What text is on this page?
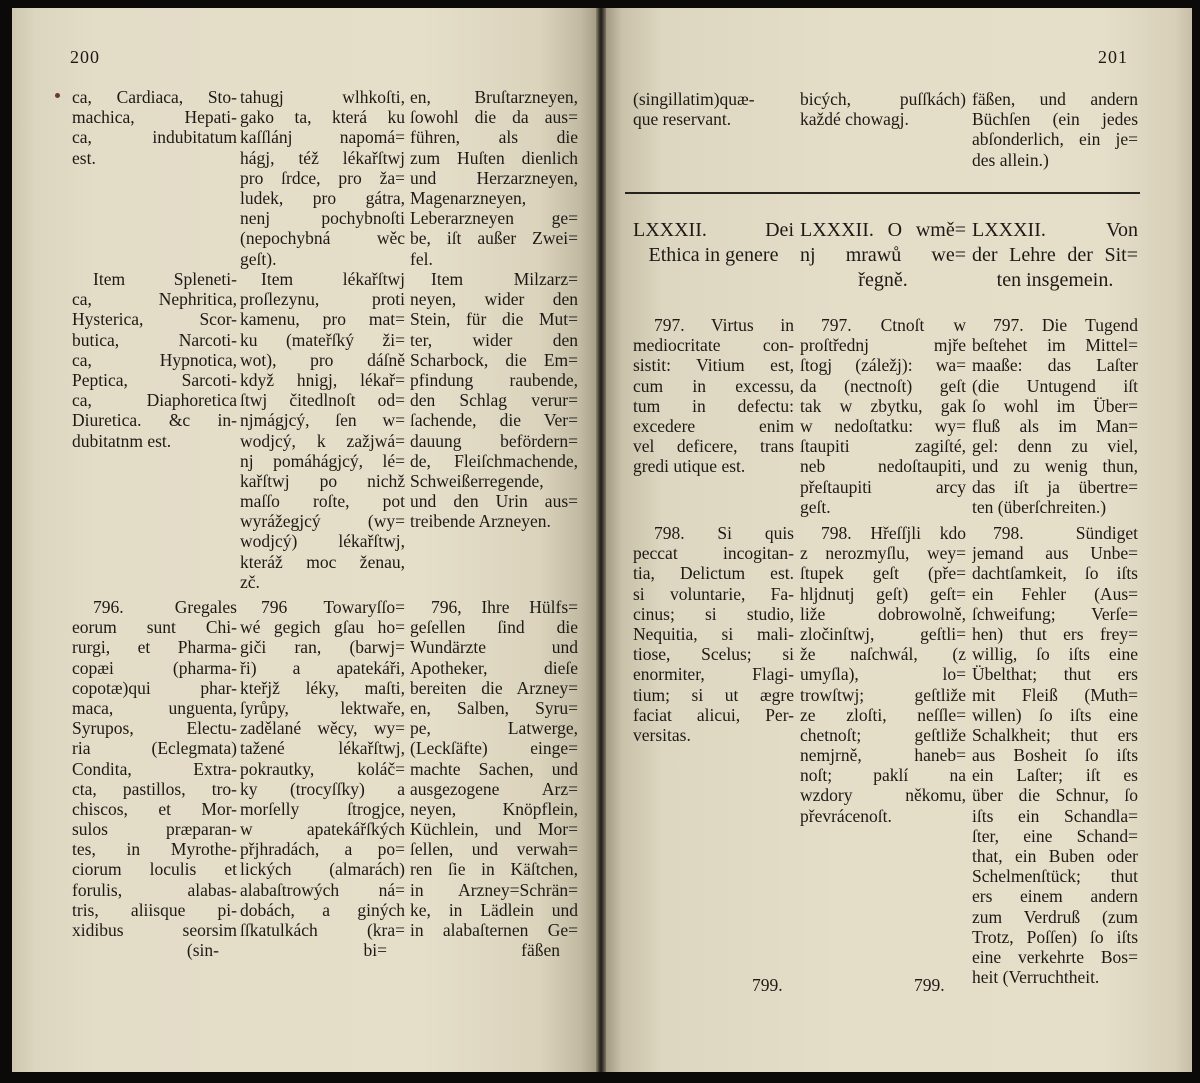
200
ca, Cardiaca, Sto-
machica, Hepati-
ca, indubitatum
est.
tahugj wlhkoſti,
gako ta, která ku
kaſſlánj napomá=
hágj, též lékařſtwj
pro ſrdce, pro ža=
ludek, pro gátra,
nenj pochybnoſti
(nepochybná wěc
geſt).
en, Bruſtarzneyen,
ſowohl die da aus=
führen, als die
zum Huſten dienlich
und Herzarzneyen,
Magenarzneyen,
Leberarzneyen ge=
be, iſt außer Zwei=
fel.
Item Spleneti-
ca, Nephritica,
Hysterica, Scor-
butica, Narcoti-
ca, Hypnotica,
Peptica, Sarcoti-
ca, Diaphoretica
Diuretica. &c in-
dubitatnm est.
Item lékařſtwj
proſlezynu, proti
kamenu, pro mat=
ku (mateřſký ži=
wot), pro dáſně
když hnigj, lékař=
ſtwj čitedlnoſt od=
njmágjcý, ſen w=
wodjcý, k zažjwá=
nj pomáhágjcý, lé=
kařſtwj po nichž
maſſo roſte, pot
wyrážegjcý (wy=
wodjcý) lékařſtwj,
kteráž moc ženau,
zč.
Item Milzarz=
neyen, wider den
Stein, für die Mut=
ter, wider den
Scharbock, die Em=
pfindung raubende,
den Schlag verur=
ſachende, die Ver=
dauung befördern=
de, Fleiſchmachende,
Schweißerregende,
und den Urin aus=
treibende Arzneyen.
796. Gregales
eorum sunt Chi-
rurgi, et Pharma-
copæi (pharma-
copotæ)qui phar-
maca, unguenta,
Syrupos, Electu-
ria (Eclegmata)
Condita, Extra-
cta, pastillos, tro-
chiscos, et Mor-
sulos præparan-
tes, in Myrothe-
ciorum loculis et
forulis, alabas-
tris, aliisque pi-
xidibus seorsim
(sin-
796 Towaryſſo=
wé gegich gſau ho=
giči ran, (barwj=
ři) a apatekáři,
kteřjž léky, maſti,
ſyrůpy, lektwaře,
zadělané wěcy, wy=
tažené lékařſtwj,
pokrautky, koláč=
ky (trocyſſky) a
morſelly ſtrogjce,
w apatekářſkých
přjhradách, a po=
lických (almarách)
alabaſtrowých ná=
dobách, a giných
ſſkatulkách (kra=
bi=
796, Ihre Hülfs=
geſellen ſind die
Wundärzte und
Apotheker, dieſe
bereiten die Arzney=
en, Salben, Syru=
pe, Latwerge,
(Leckſäfte) einge=
machte Sachen, und
ausgezogene Arz=
neyen, Knöpflein,
Küchlein, und Mor=
ſellen, und verwah=
ren ſie in Käſtchen,
in Arzney=Schrän=
ke, in Lädlein und
in alabaſternen Ge=
fäßen
201
(singillatim)quæ-
que reservant.
bicých, puſſkách)
každé chowagj.
fäßen, und andern
Büchſen (ein jedes
abſonderlich, ein je=
des allein.)
LXXXII. Dei
Ethica in genere
LXXXII. O wmě=
nj mrawů we=
řegně.
LXXXII. Von
der Lehre der Sit=
ten insgemein.
797. Virtus in
mediocritate con-
sistit: Vitium est,
cum in excessu,
tum in defectu:
excedere enim
vel deficere, trans
gredi utique est.
797. Ctnoſt w
proſtřednj mjře
ſtogj (záležj): wa=
da (nectnoſt) geſt
tak w zbytku, gak
w nedoſtatku: wy=
ſtaupiti zagiſté,
neb nedoſtaupiti,
přeſtaupiti arcy
geſt.
797. Die Tugend
beſtehet im Mittel=
maaße: das Laſter
(die Untugend iſt
ſo wohl im Über=
fluß als im Man=
gel: denn zu viel,
und zu wenig thun,
das iſt ja übertre=
ten (überſchreiten.)
798. Si quis
peccat incogitan-
tia, Delictum est.
si voluntarie, Fa-
cinus; si studio,
Nequitia, si mali-
tiose, Scelus; si
enormiter, Flagi-
tium; si ut ægre
faciat alicui, Per-
versitas.
798. Hřeſſjli kdo
z nerozmyſlu, wey=
ſtupek geſt (pře=
hljdnutj geſt) geſt=
liže dobrowolně,
zločinſtwj, geſtli=
že naſchwál, (z
umyſla), lo=
trowſtwj; geſtliže
ze zloſti, neſſle=
chetnoſt; geſtliže
nemjrně, haneb=
noſt; paklí na
wzdory někomu,
převrácenoſt.
798. Sündiget
jemand aus Unbe=
dachtſamkeit, ſo iſts
ein Fehler (Aus=
ſchweifung; Verſe=
hen) thut ers frey=
willig, ſo iſts eine
Übelthat; thut ers
mit Fleiß (Muth=
willen) ſo iſts eine
Schalkheit; thut ers
aus Bosheit ſo iſts
ein Laſter; iſt es
über die Schnur, ſo
iſts ein Schandla=
ſter, eine Schand=
that, ein Buben oder
Schelmenſtück; thut
ers einem andern
zum Verdruß (zum
Trotz, Poſſen) ſo iſts
eine verkehrte Bos=
heit (Verruchtheit.
799.	799.
